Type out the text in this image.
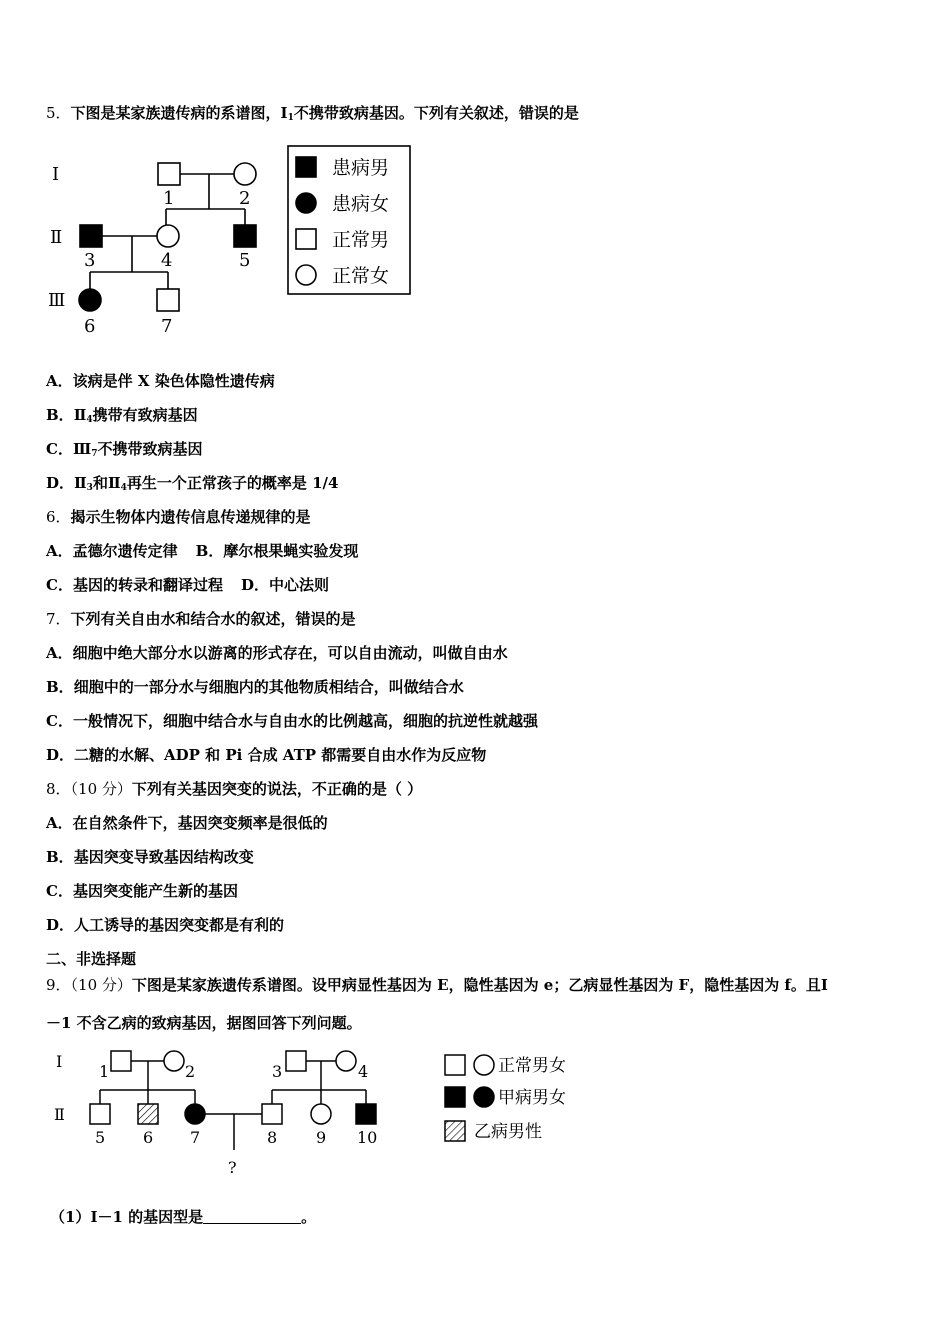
5．下图是某家族遗传病的系谱图，$Ⅰ_1$不携带致病基因。下列有关叙述，错误的是
Ⅰ
Ⅱ
Ⅲ
1	2
3	4	5
6	7
患病男
患病女
正常男
正常女
A．该病是伴 X 染色体隐性遗传病
B．$Ⅱ_4$携带有致病基因
C．$Ⅲ_7$不携带致病基因
D．$Ⅱ_3$和$Ⅱ_4$再生一个正常孩子的概率是 1/4
6．揭示生物体内遗传信息传递规律的是
A．孟德尔遗传定律 B．摩尔根果蝇实验发现
C．基因的转录和翻译过程 D．中心法则
7．下列有关自由水和结合水的叙述，错误的是
A．细胞中绝大部分水以游离的形式存在，可以自由流动，叫做自由水
B．细胞中的一部分水与细胞内的其他物质相结合，叫做结合水
C．一般情况下，细胞中结合水与自由水的比例越高，细胞的抗逆性就越强
D．二糖的水解、ADP 和 Pi 合成 ATP 都需要自由水作为反应物
8．（10 分）下列有关基因突变的说法，不正确的是（ ）
A．在自然条件下，基因突变频率是很低的
B．基因突变导致基因结构改变
C．基因突变能产生新的基因
D．人工诱导的基因突变都是有利的
二、非选择题
9．（10 分）下图是某家族遗传系谱图。设甲病显性基因为 E，隐性基因为 e；乙病显性基因为 F，隐性基因为 f。且Ⅰ
－1 不含乙病的致病基因，据图回答下列问题。
Ⅰ
Ⅱ
1	2	3	4
5 6 7	8 9 10
?
正常男女
甲病男女
乙病男性
（1）Ⅰ－1 的基因型是	。
